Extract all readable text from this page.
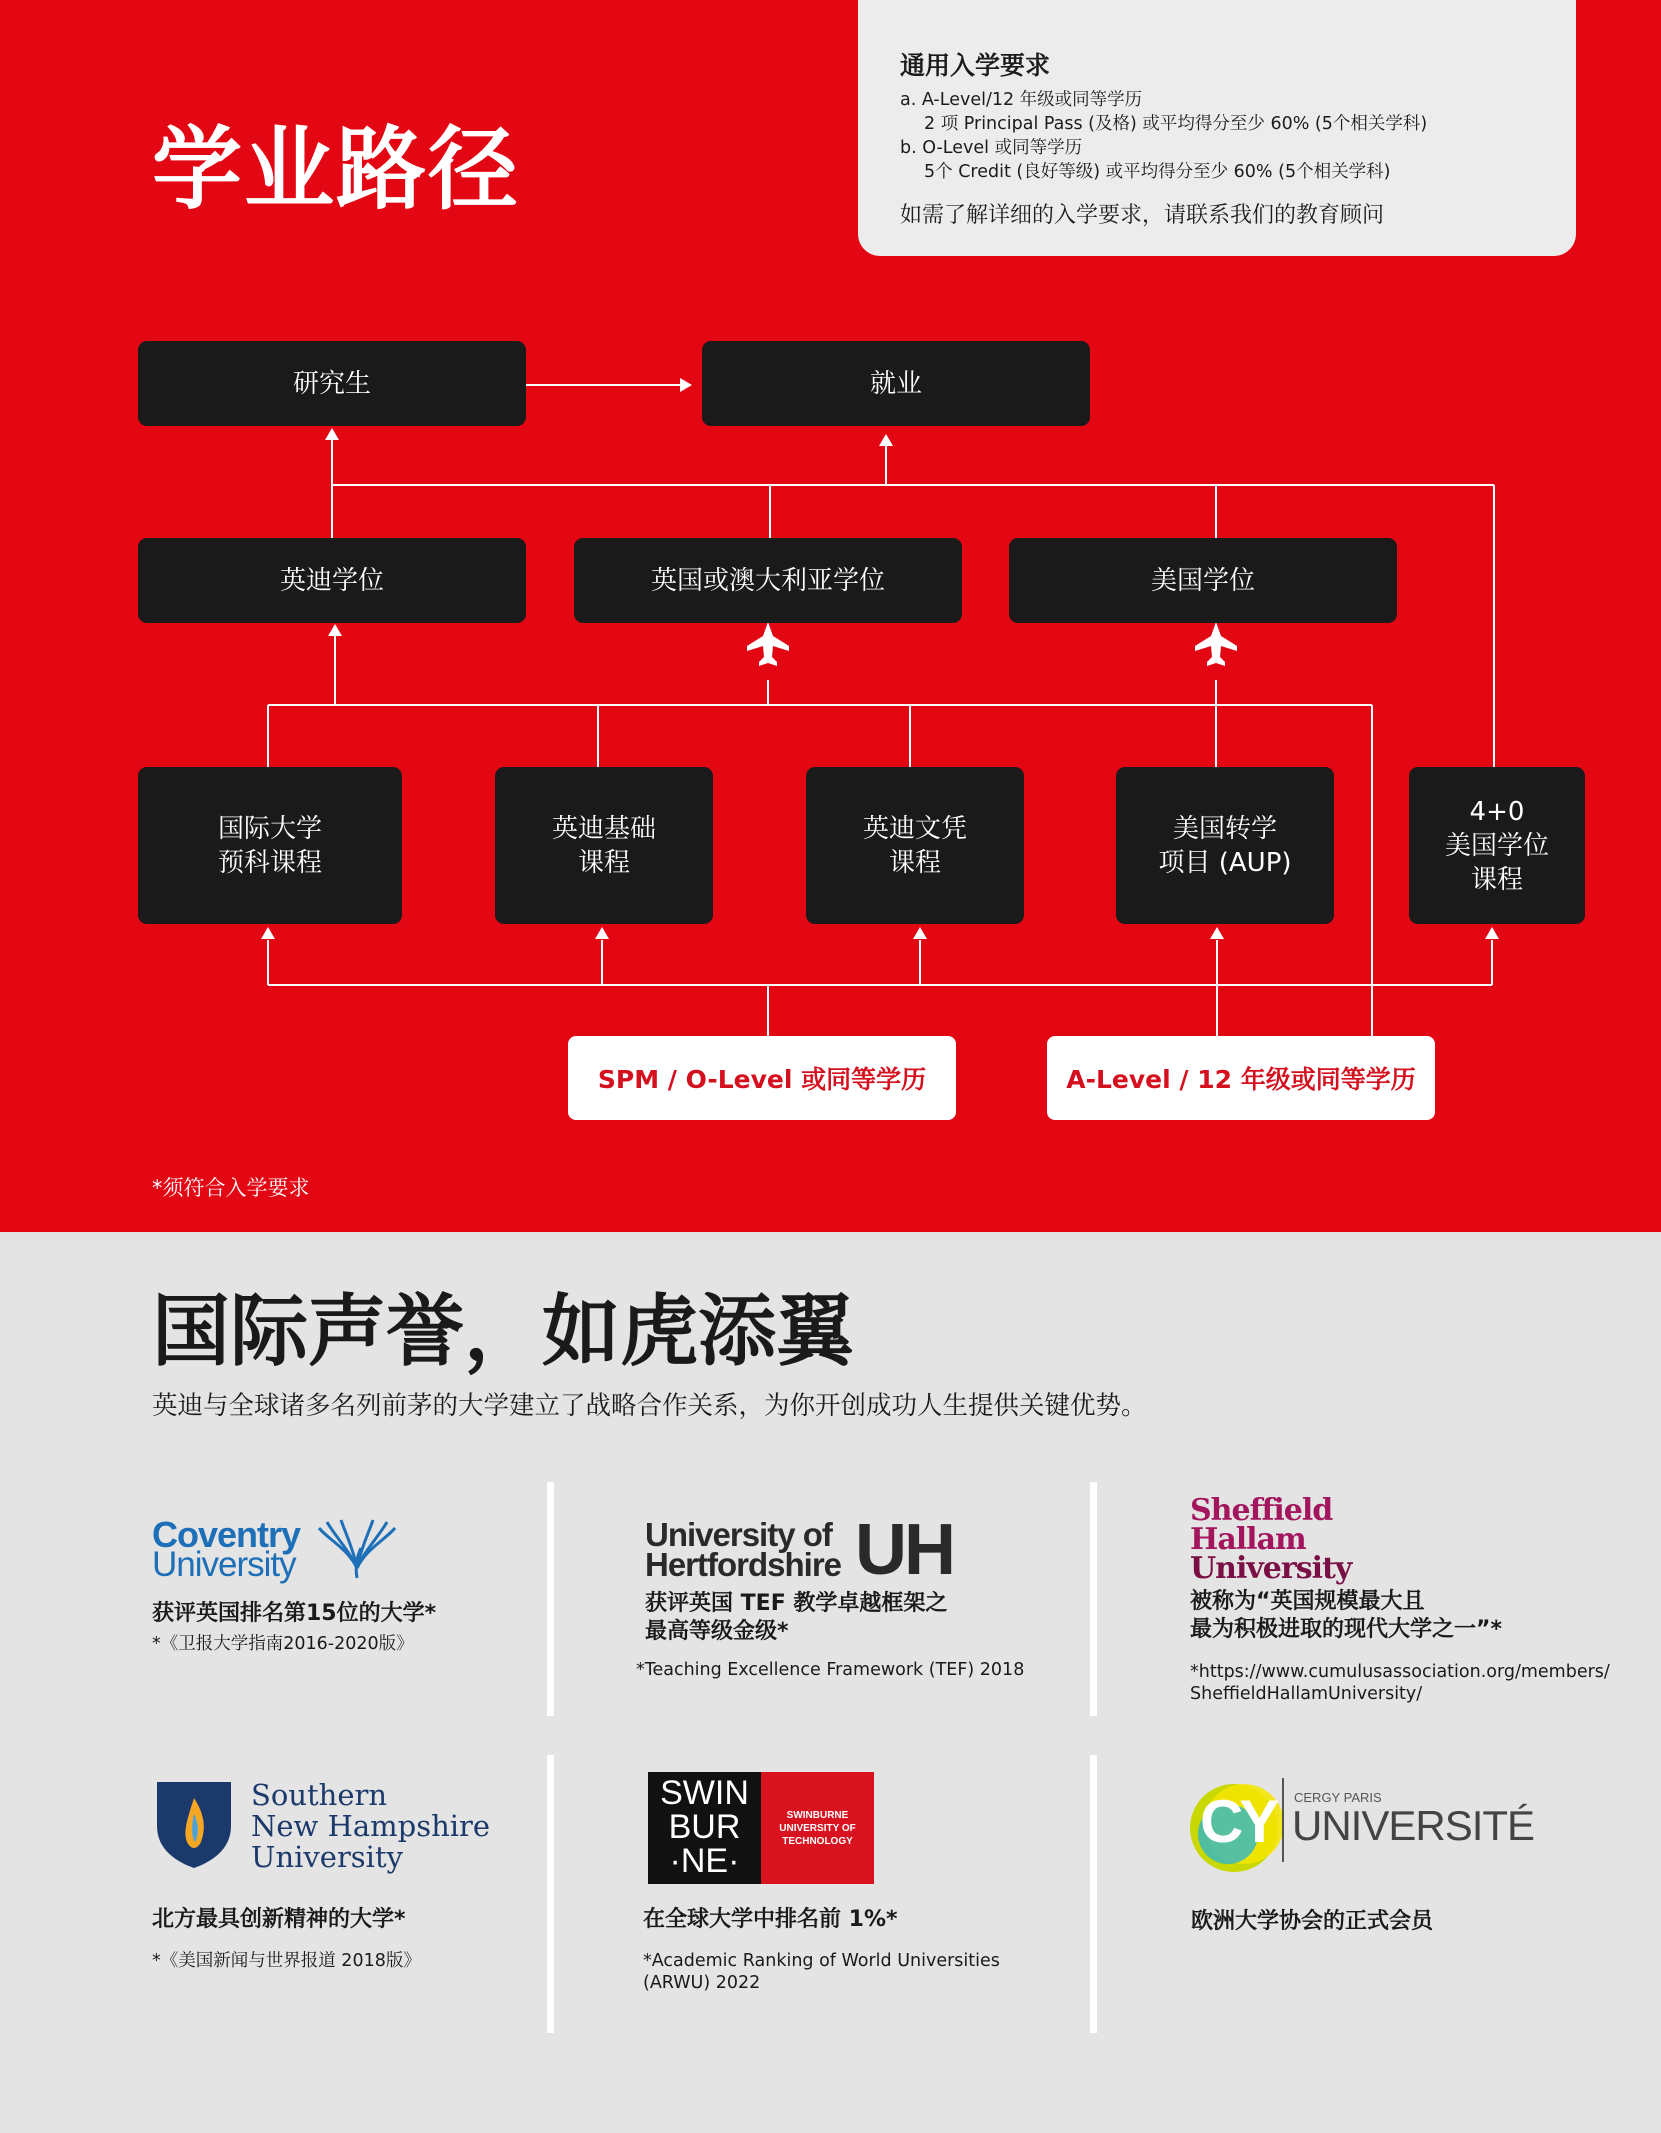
学业路径

通用入学要求

a. A-Level/12 年级或同等学历

2 项 Principal Pass (及格) 或平均得分至少 60% (5个相关学科)

b. O-Level 或同等学历

5个 Credit (良好等级) 或平均得分至少 60% (5个相关学科)

如需了解详细的入学要求，请联系我们的教育顾问

研究生	就业
英迪学位	英国或澳大利亚学位	美国学位
国际大学
预科课程
英迪基础
课程
英迪文凭
课程
美国转学
项目 (AUP)
4+0
美国学位
课程
SPM / O-Level 或同等学历	A-Level / 12 年级或同等学历
*须符合入学要求
国际声誉，如虎添翼

英迪与全球诸多名列前茅的大学建立了战略合作关系，为你开创成功人生提供关键优势。

Coventry
University
获评英国排名第15位的大学*
*《卫报大学指南2016-2020版》
University of
Hertfordshire UH
获评英国 TEF 教学卓越框架之
最高等级金级*
*Teaching Excellence Framework (TEF) 2018
Sheffield
Hallam
University
被称为“英国规模最大且
最为积极进取的现代大学之一”*
*https://www.cumulusassociation.org/members/
SheffieldHallamUniversity/
Southern
New Hampshire
University
北方最具创新精神的大学*
*《美国新闻与世界报道 2018版》
SWIN
BUR
·NE·
SWINBURNE
UNIVERSITY OF
TECHNOLOGY
在全球大学中排名前 1%*
*Academic Ranking of World Universities
(ARWU) 2022
CY CERGY PARIS
UNIVERSITÉ
欧洲大学协会的正式会员
